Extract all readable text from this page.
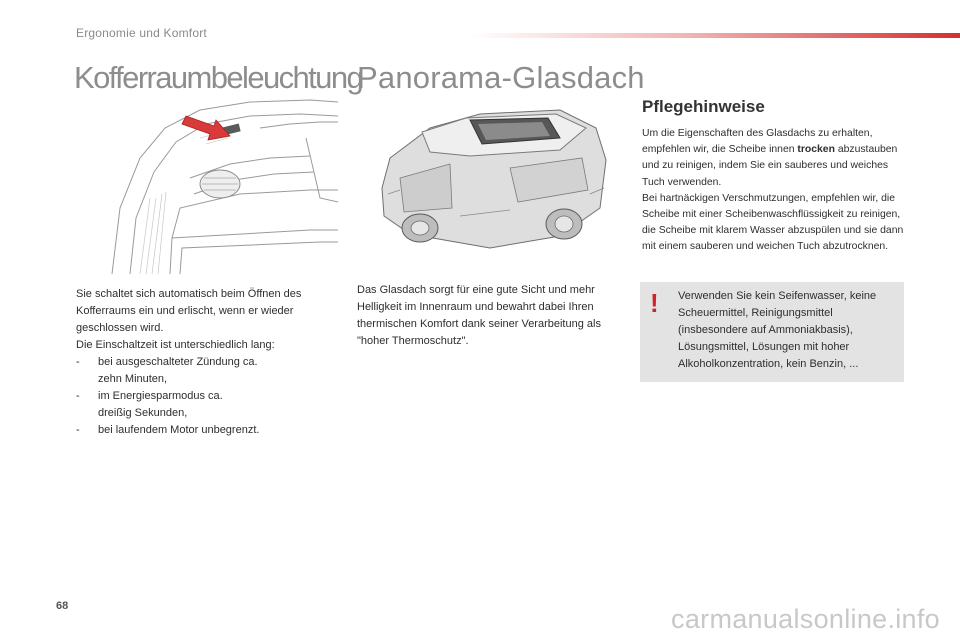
Ergonomie und Komfort
Kofferraumbeleuchtung
Panorama-Glasdach

Sie schaltet sich automatisch beim Öffnen des Kofferraums ein und erlischt, wenn er wieder geschlossen wird.

Die Einschaltzeit ist unterschiedlich lang:

- bei ausgeschalteter Zündung ca.
zehn Minuten,
- im Energiesparmodus ca.
dreißig Sekunden,
- bei laufendem Motor unbegrenzt.

Das Glasdach sorgt für eine gute Sicht und mehr Helligkeit im Innenraum und bewahrt dabei Ihren thermischen Komfort dank seiner Verarbeitung als "hoher Thermoschutz".

Pflegehinweise

Um die Eigenschaften des Glasdachs zu erhalten, empfehlen wir, die Scheibe innen trocken abzustauben und zu reinigen, indem Sie ein sauberes und weiches Tuch verwenden.

Bei hartnäckigen Verschmutzungen, empfehlen wir, die Scheibe mit einer Scheibenwaschflüssigkeit zu reinigen, die Scheibe mit klarem Wasser abzuspülen und sie dann mit einem sauberen und weichen Tuch abzutrocknen.

! Verwenden Sie kein Seifenwasser, keine Scheuermittel, Reinigungsmittel (insbesondere auf Ammoniakbasis), Lösungsmittel, Lösungen mit hoher Alkoholkonzentration, kein Benzin, ...
68	carmanualsonline.info
